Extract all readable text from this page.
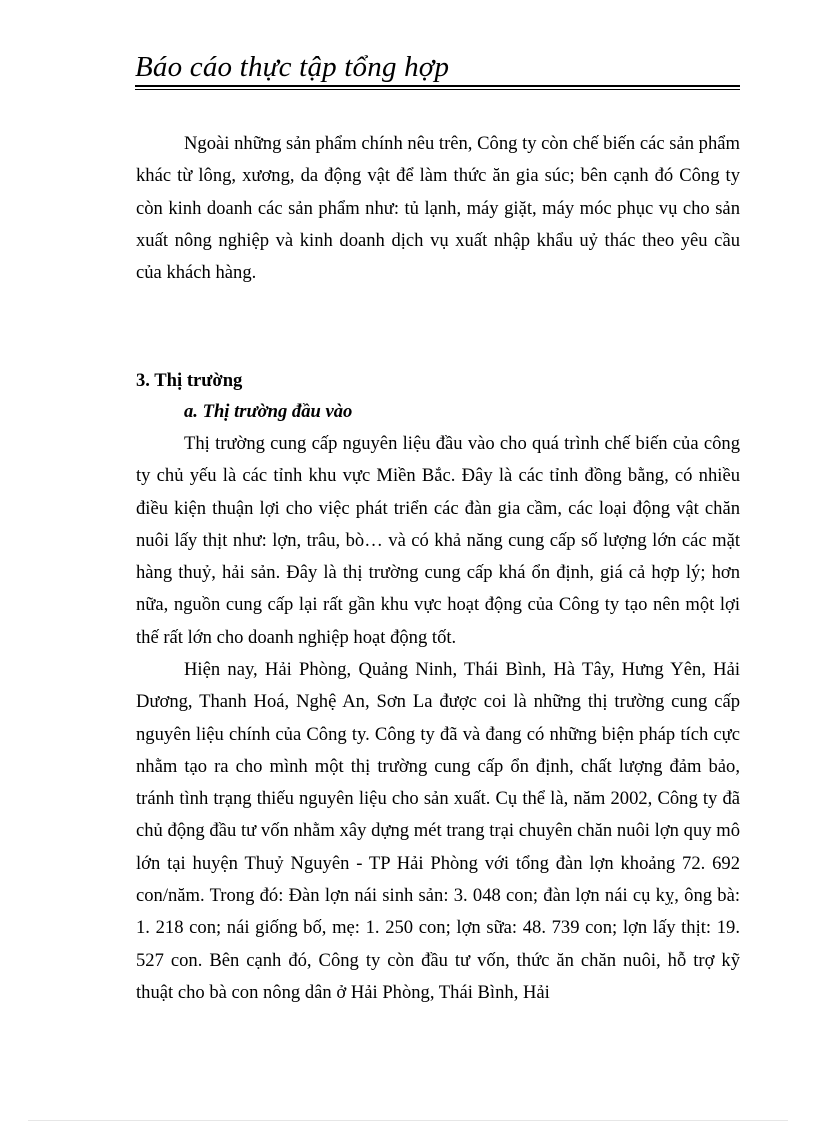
Báo cáo thực tập tổng hợp

Ngoài những sản phẩm chính nêu trên, Công ty còn chế biến các sản phẩm khác từ lông, xương, da động vật để làm thức ăn gia súc; bên cạnh đó Công ty còn kinh doanh các sản phẩm như: tủ lạnh, máy giặt, máy móc phục vụ cho sản xuất nông nghiệp và kinh doanh dịch vụ xuất nhập khẩu uỷ thác theo yêu cầu của khách hàng.

3. Thị trường
a. Thị trường đầu vào

Thị trường cung cấp nguyên liệu đầu vào cho quá trình chế biến của công ty chủ yếu là các tỉnh khu vực Miền Bắc. Đây là các tỉnh đồng bằng, có nhiều điều kiện thuận lợi cho việc phát triển các đàn gia cầm, các loại động vật chăn nuôi lấy thịt như: lợn, trâu, bò… và có khả năng cung cấp số lượng lớn các mặt hàng thuỷ, hải sản. Đây là thị trường cung cấp khá ổn định, giá cả hợp lý; hơn nữa, nguồn cung cấp lại rất gần khu vực hoạt động của Công ty tạo nên một lợi thế rất lớn cho doanh nghiệp hoạt động tốt.

Hiện nay, Hải Phòng, Quảng Ninh, Thái Bình, Hà Tây, Hưng Yên, Hải Dương, Thanh Hoá, Nghệ An, Sơn La được coi là những thị trường cung cấp nguyên liệu chính của Công ty. Công ty đã và đang có những biện pháp tích cực nhằm tạo ra cho mình một thị trường cung cấp ổn định, chất lượng đảm bảo, tránh tình trạng thiếu nguyên liệu cho sản xuất. Cụ thể là, năm 2002, Công ty đã chủ động đầu tư vốn nhằm xây dựng mét trang trại chuyên chăn nuôi lợn quy mô lớn tại huyện Thuỷ Nguyên - TP Hải Phòng với tổng đàn lợn khoảng 72. 692 con/năm. Trong đó: Đàn lợn nái sinh sản: 3. 048 con; đàn lợn nái cụ kỵ, ông bà: 1. 218 con; nái giống bố, mẹ: 1. 250 con; lợn sữa: 48. 739 con; lợn lấy thịt: 19. 527 con. Bên cạnh đó, Công ty còn đầu tư vốn, thức ăn chăn nuôi, hỗ trợ kỹ thuật cho bà con nông dân ở Hải Phòng, Thái Bình, Hải
